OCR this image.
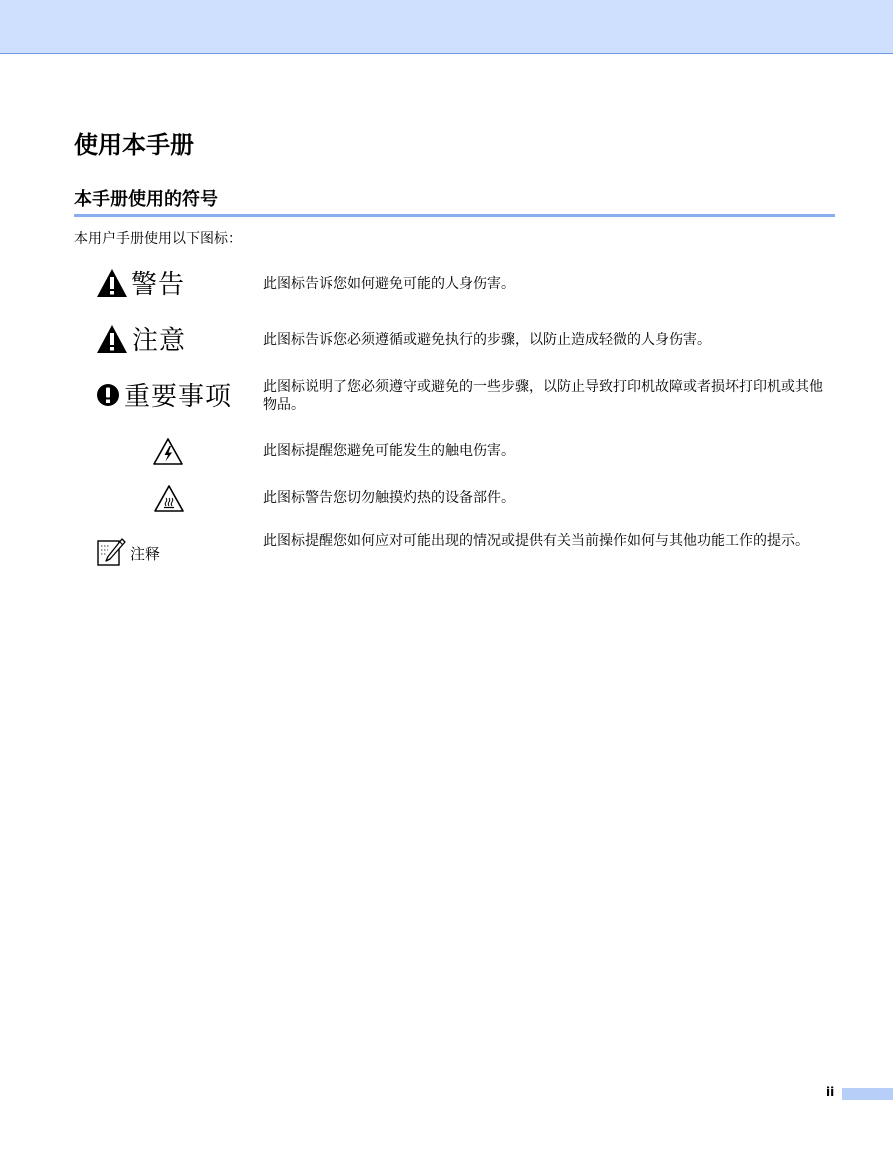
使用本手册
本手册使用的符号
本用户手册使用以下图标：
警告	此图标告诉您如何避免可能的人身伤害。
注意	此图标告诉您必须遵循或避免执行的步骤，以防止造成轻微的人身伤害。
重要事项 此图标说明了您必须遵守或避免的一些步骤，以防止导致打印机故障或者损坏打印机或其他物品。
此图标提醒您避免可能发生的触电伤害。
此图标警告您切勿触摸灼热的设备部件。
注释
此图标提醒您如何应对可能出现的情况或提供有关当前操作如何与其他功能工作的提示。
ii
